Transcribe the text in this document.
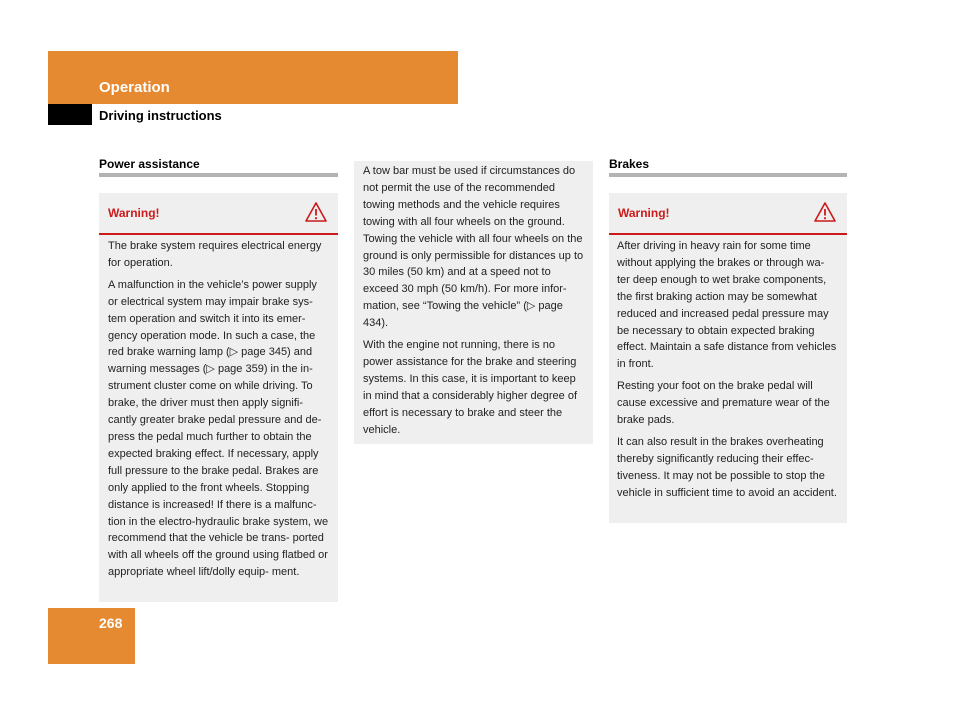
Operation
Driving instructions
Power assistance
Warning!

The brake system requires electrical energy for operation.

A malfunction in the vehicle’s power supply or electrical system may impair brake sys- tem operation and switch it into its emer- gency operation mode. In such a case, the red brake warning lamp (▷ page 345) and warning messages (▷ page 359) in the in- strument cluster come on while driving. To brake, the driver must then apply signifi- cantly greater brake pedal pressure and de- press the pedal much further to obtain the expected braking effect. If necessary, apply full pressure to the brake pedal. Brakes are only applied to the front wheels. Stopping distance is increased! If there is a malfunc- tion in the electro-hydraulic brake system, we recommend that the vehicle be trans- ported with all wheels off the ground using flatbed or appropriate wheel lift/dolly equip- ment.

A tow bar must be used if circumstances do not permit the use of the recommended towing methods and the vehicle requires towing with all four wheels on the ground. Towing the vehicle with all four wheels on the ground is only permissible for distances up to 30 miles (50 km) and at a speed not to exceed 30 mph (50 km/h). For more infor- mation, see “Towing the vehicle” (▷ page 434).

With the engine not running, there is no power assistance for the brake and steering systems. In this case, it is important to keep in mind that a considerably higher degree of effort is necessary to brake and steer the vehicle.

Brakes
Warning!

After driving in heavy rain for some time without applying the brakes or through wa- ter deep enough to wet brake components, the first braking action may be somewhat reduced and increased pedal pressure may be necessary to obtain expected braking effect. Maintain a safe distance from vehicles in front.

Resting your foot on the brake pedal will cause excessive and premature wear of the brake pads.

It can also result in the brakes overheating thereby significantly reducing their effec- tiveness. It may not be possible to stop the vehicle in sufficient time to avoid an accident.

268
